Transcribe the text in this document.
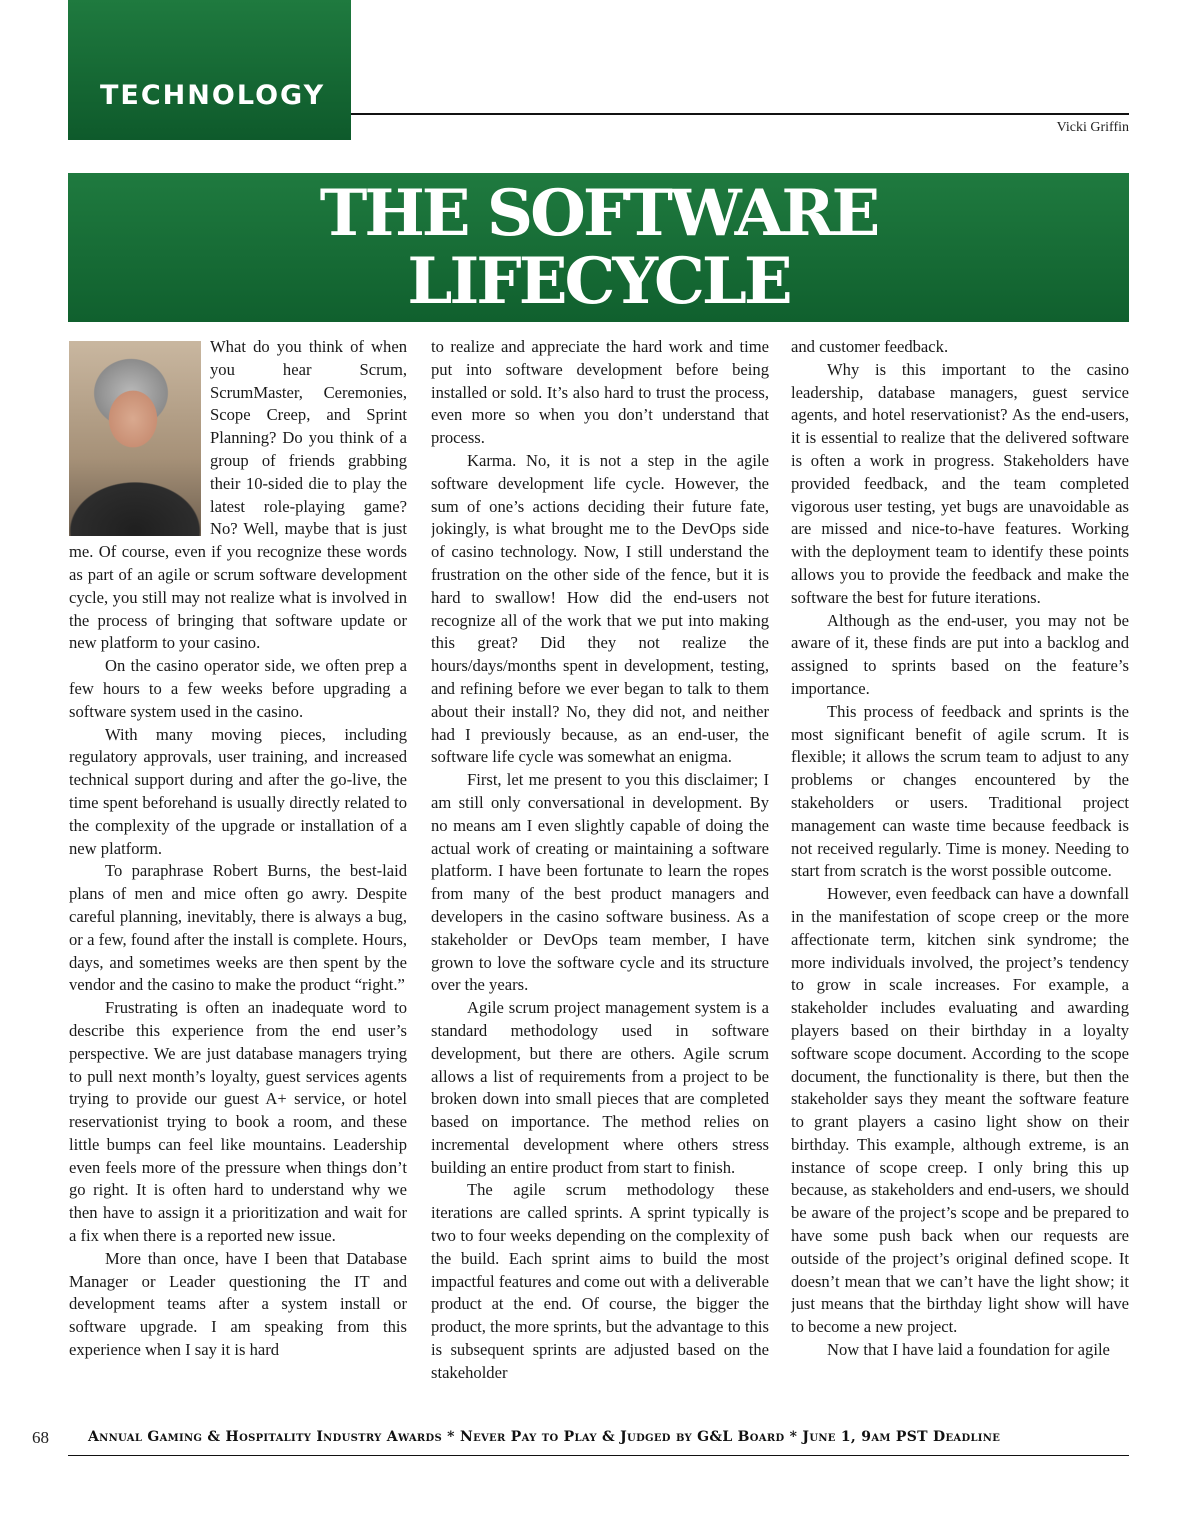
TECHNOLOGY
Vicki Griffin
THE SOFTWARE
LIFECYCLE

What do you think of when you hear Scrum, ScrumMaster, Ceremonies, Scope Creep, and Sprint Planning? Do you think of a group of friends grabbing their 10-sided die to play the latest role-playing game? No? Well, maybe that is just me. Of course, even if you recognize these words as part of an agile or scrum software development cycle, you still may not realize what is involved in the process of bringing that software update or new platform to your casino.

On the casino operator side, we often prep a few hours to a few weeks before upgrading a software system used in the casino.

With many moving pieces, including regulatory approvals, user training, and increased technical support during and after the go-live, the time spent beforehand is usually directly related to the complexity of the upgrade or installation of a new platform.

To paraphrase Robert Burns, the best-laid plans of men and mice often go awry. Despite careful planning, inevitably, there is always a bug, or a few, found after the install is complete. Hours, days, and sometimes weeks are then spent by the vendor and the casino to make the product “right.”

Frustrating is often an inadequate word to describe this experience from the end user’s perspective. We are just database managers trying to pull next month’s loyalty, guest services agents trying to provide our guest A+ service, or hotel reservationist trying to book a room, and these little bumps can feel like mountains. Leadership even feels more of the pressure when things don’t go right. It is often hard to understand why we then have to assign it a prioritization and wait for a fix when there is a reported new issue.

More than once, have I been that Database Manager or Leader questioning the IT and development teams after a system install or software upgrade. I am speaking from this experience when I say it is hard

to realize and appreciate the hard work and time put into software development before being installed or sold. It’s also hard to trust the process, even more so when you don’t understand that process.

Karma. No, it is not a step in the agile software development life cycle. However, the sum of one’s actions deciding their future fate, jokingly, is what brought me to the DevOps side of casino technology. Now, I still understand the frustration on the other side of the fence, but it is hard to swallow! How did the end-users not recognize all of the work that we put into making this great? Did they not realize the hours/days/months spent in development, testing, and refining before we ever began to talk to them about their install? No, they did not, and neither had I previously because, as an end-user, the software life cycle was somewhat an enigma.

First, let me present to you this disclaimer; I am still only conversational in development. By no means am I even slightly capable of doing the actual work of creating or maintaining a software platform. I have been fortunate to learn the ropes from many of the best product managers and developers in the casino software business. As a stakeholder or DevOps team member, I have grown to love the software cycle and its structure over the years.

Agile scrum project management system is a standard methodology used in software development, but there are others. Agile scrum allows a list of requirements from a project to be broken down into small pieces that are completed based on importance. The method relies on incremental development where others stress building an entire product from start to finish.

The agile scrum methodology these iterations are called sprints. A sprint typically is two to four weeks depending on the complexity of the build. Each sprint aims to build the most impactful features and come out with a deliverable product at the end. Of course, the bigger the product, the more sprints, but the advantage to this is subsequent sprints are adjusted based on the stakeholder

and customer feedback.

Why is this important to the casino leadership, database managers, guest service agents, and hotel reservationist? As the end-users, it is essential to realize that the delivered software is often a work in progress. Stakeholders have provided feedback, and the team completed vigorous user testing, yet bugs are unavoidable as are missed and nice-to-have features. Working with the deployment team to identify these points allows you to provide the feedback and make the software the best for future iterations.

Although as the end-user, you may not be aware of it, these finds are put into a backlog and assigned to sprints based on the feature’s importance.

This process of feedback and sprints is the most significant benefit of agile scrum. It is flexible; it allows the scrum team to adjust to any problems or changes encountered by the stakeholders or users. Traditional project management can waste time because feedback is not received regularly. Time is money. Needing to start from scratch is the worst possible outcome.

However, even feedback can have a downfall in the manifestation of scope creep or the more affectionate term, kitchen sink syndrome; the more individuals involved, the project’s tendency to grow in scale increases. For example, a stakeholder includes evaluating and awarding players based on their birthday in a loyalty software scope document. According to the scope document, the functionality is there, but then the stakeholder says they meant the software feature to grant players a casino light show on their birthday. This example, although extreme, is an instance of scope creep. I only bring this up because, as stakeholders and end-users, we should be aware of the project’s scope and be prepared to have some push back when our requests are outside of the project’s original defined scope. It doesn’t mean that we can’t have the light show; it just means that the birthday light show will have to become a new project.

Now that I have laid a foundation for agile

68	Annual Gaming & Hospitality Industry Awards * Never Pay to Play & Judged by G&L Board * June 1, 9am PST Deadline
